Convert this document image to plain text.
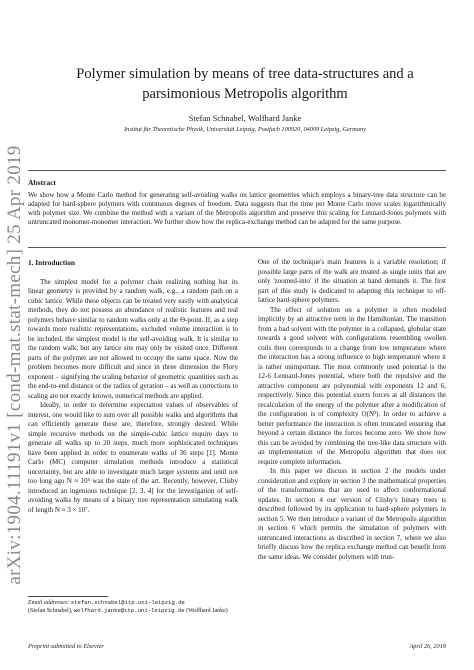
arXiv:1904.11191v1 [cond-mat.stat-mech] 25 Apr 2019
Polymer simulation by means of tree data-structures and a parsimonious Metropolis algorithm
Stefan Schnabel, Wolfhard Janke
Institut für Theoretische Physik, Universität Leipzig, Postfach 100920, 04009 Leipzig, Germany
Abstract
We show how a Monte Carlo method for generating self-avoiding walks on lattice geometries which employs a binary-tree data structure can be adapted for hard-sphere polymers with continuous degrees of freedom. Data suggests that the time per Monte Carlo move scales logarithmically with polymer size. We combine the method with a variant of the Metropolis algorithm and preserve this scaling for Lennard-Jones polymers with untruncated monomer-monomer interaction. We further show how the replica-exchange method can be adapted for the same purpose.

1. Introduction

The simplest model for a polymer chain realizing nothing but its linear geometry is provided by a random walk, e.g., a random path on a cubic lattice. While these objects can be treated very easily with analytical methods, they do not possess an abundance of realistic features and real polymers behave similar to random walks only at the Θ-point. If, as a step towards more realistic representations, excluded volume interaction is to be included, the simplest model is the self-avoiding walk. It is similar to the random walk, but any lattice site may only be visited once. Different parts of the polymer are not allowed to occupy the same space. Now the problem becomes more difficult and since in three dimension the Flory exponent – signifying the scaling behavior of geometric quantities such as the end-to-end distance or the radius of gyration – as well as corrections to scaling are not exactly known, numerical methods are applied.

Ideally, in order to determine expectation values of observables of interest, one would like to sum over all possible walks and algorithms that can efficiently generate these are, therefore, strongly desired. While simple recursive methods on the simple-cubic lattice require days to generate all walks up to 20 steps, much more sophisticated techniques have been applied in order to enumerate walks of 36 steps [1]. Monte Carlo (MC) computer simulation methods introduce a statistical uncertainty, but are able to investigate much larger systems and until not too long ago N ≈ 10⁵ was the state of the art. Recently, however, Clisby introduced an ingenious technique [2, 3, 4] for the investigation of self-avoiding walks by means of a binary tree representation simulating walk of length N ≈ 3 × 10⁷.

One of the technique's main features is a variable resolution; if possible large parts of the walk are treated as single units that are only 'zoomed-into' if the situation at hand demands it. The first part of this study is dedicated to adapting this technique to off-lattice hard-sphere polymers.

The effect of solution on a polymer is often modeled implicitly by an attractive term in the Hamiltonian. The transition from a bad solvent with the polymer in a collapsed, globular state towards a good solvent with configurations resembling swollen coils then corresponds to a change from low temperature where the interaction has a strong influence to high temperature where it is rather unimportant. The most commonly used potential is the 12-6 Lennard-Jones potential, where both the repulsive and the attractive component are polynomial with exponents 12 and 6, respectively. Since this potential exerts forces at all distances the recalculation of the energy of the polymer after a modification of the configuration is of complexity O(N²). In order to achieve a better performance the interaction is often truncated ensuring that beyond a certain distance the forces become zero. We show how this can be avoided by combining the tree-like data structure with an implementation of the Metropolis algorithm that does not require complete information.

In this paper we discuss in section 2 the models under consideration and explore in section 3 the mathematical properties of the transformations that are used to affect conformational updates. In section 4 our version of Clisby's binary trees is described followed by its application to hard-sphere polymers in section 5. We then introduce a variant of the Metropolis algorithm in section 6 which permits the simulation of polymers with untruncated interactions as described in section 7, where we also briefly discuss how the replica exchange method can benefit from the same ideas. We consider polymers with trun-

Email addresses: stefan.schnabel@itp.uni-leipzig.de
(Stefan Schnabel), wolfhard.janke@itp.uni-leipzig.de (Wolfhard Janke)
Preprint submitted to Elsevier	April 26, 2019
